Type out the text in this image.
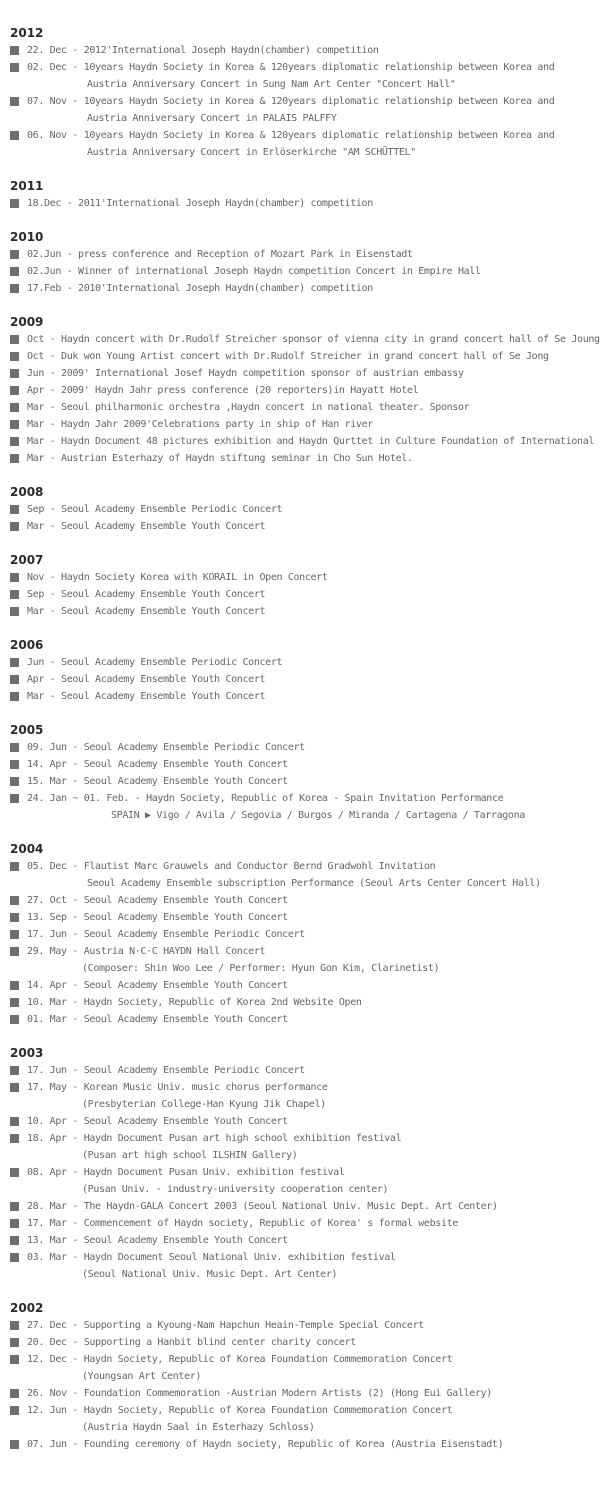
2012
22. Dec - 2012'International Joseph Haydn(chamber) competition
02. Dec - 10years Haydn Society in Korea & 120years diplomatic relationship between Korea and
Austria Anniversary Concert in Sung Nam Art Center "Concert Hall"
07. Nov - 10years Haydn Society in Korea & 120years diplomatic relationship between Korea and
Austria Anniversary Concert in PALAIS PALFFY
06. Nov - 10years Haydn Society in Korea & 120years diplomatic relationship between Korea and
Austria Anniversary Concert in Erlöserkirche "AM SCHÜTTEL"
2011
18.Dec - 2011'International Joseph Haydn(chamber) competition
2010
02.Jun - press conference and Reception of Mozart Park in Eisenstadt
02.Jun - Winner of international Joseph Haydn competition Concert in Empire Hall
17.Feb - 2010'International Joseph Haydn(chamber) competition
2009
Oct - Haydn concert with Dr.Rudolf Streicher sponsor of vienna city in grand concert hall of Se Joung
Oct - Duk won Young Artist concert with Dr.Rudolf Streicher in grand concert hall of Se Jong
Jun - 2009' International Josef Haydn competition sponsor of austrian embassy
Apr - 2009' Haydn Jahr press conference (20 reporters)in Hayatt Hotel
Mar - Seoul philharmonic orchestra ,Haydn concert in national theater. Sponsor
Mar - Haydn Jahr 2009'Celebrations party in ship of Han river
Mar - Haydn Document 48 pictures exhibition and Haydn Qurttet in Culture Foundation of International
Mar - Austrian Esterhazy of Haydn stiftung seminar in Cho Sun Hotel.
2008
Sep - Seoul Academy Ensemble Periodic Concert
Mar - Seoul Academy Ensemble Youth Concert
2007
Nov - Haydn Society Korea with KORAIL in Open Concert
Sep - Seoul Academy Ensemble Youth Concert
Mar - Seoul Academy Ensemble Youth Concert
2006
Jun - Seoul Academy Ensemble Periodic Concert
Apr - Seoul Academy Ensemble Youth Concert
Mar - Seoul Academy Ensemble Youth Concert
2005
09. Jun - Seoul Academy Ensemble Periodic Concert
14. Apr - Seoul Academy Ensemble Youth Concert
15. Mar - Seoul Academy Ensemble Youth Concert
24. Jan ~ 01. Feb. - Haydn Society, Republic of Korea - Spain Invitation Performance
SPAIN ▶ Vigo / Avila / Segovia / Burgos / Miranda / Cartagena / Tarragona
2004
05. Dec - Flautist Marc Grauwels and Conductor Bernd Gradwohl Invitation
Seoul Academy Ensemble subscription Performance (Seoul Arts Center Concert Hall)
27. Oct - Seoul Academy Ensemble Youth Concert
13. Sep - Seoul Academy Ensemble Youth Concert
17. Jun - Seoul Academy Ensemble Periodic Concert
29. May - Austria N·C·C HAYDN Hall Concert
(Composer: Shin Woo Lee / Performer: Hyun Gon Kim, Clarinetist)
14. Apr - Seoul Academy Ensemble Youth Concert
10. Mar - Haydn Society, Republic of Korea 2nd Website Open
01. Mar - Seoul Academy Ensemble Youth Concert
2003
17. Jun - Seoul Academy Ensemble Periodic Concert
17. May - Korean Music Univ. music chorus performance
(Presbyterian College-Han Kyung Jik Chapel)
10. Apr - Seoul Academy Ensemble Youth Concert
18. Apr - Haydn Document Pusan art high school exhibition festival
(Pusan art high school ILSHIN Gallery)
08. Apr - Haydn Document Pusan Univ. exhibition festival
(Pusan Univ. - industry-university cooperation center)
28. Mar - The Haydn-GALA Concert 2003 (Seoul National Univ. Music Dept. Art Center)
17. Mar - Commencement of Haydn society, Republic of Korea' s formal website
13. Mar - Seoul Academy Ensemble Youth Concert
03. Mar - Haydn Document Seoul National Univ. exhibition festival
(Seoul National Univ. Music Dept. Art Center)
2002
27. Dec - Supporting a Kyoung-Nam Hapchun Heain-Temple Special Concert
20. Dec - Supporting a Hanbit blind center charity concert
12. Dec - Haydn Society, Republic of Korea Foundation Commemoration Concert
(Youngsan Art Center)
26. Nov - Foundation Commemoration -Austrian Modern Artists (2) (Hong Eui Gallery)
12. Jun - Haydn Society, Republic of Korea Foundation Commemoration Concert
(Austria Haydn Saal in Esterhazy Schloss)
07. Jun - Founding ceremony of Haydn society, Republic of Korea (Austria Eisenstadt)
